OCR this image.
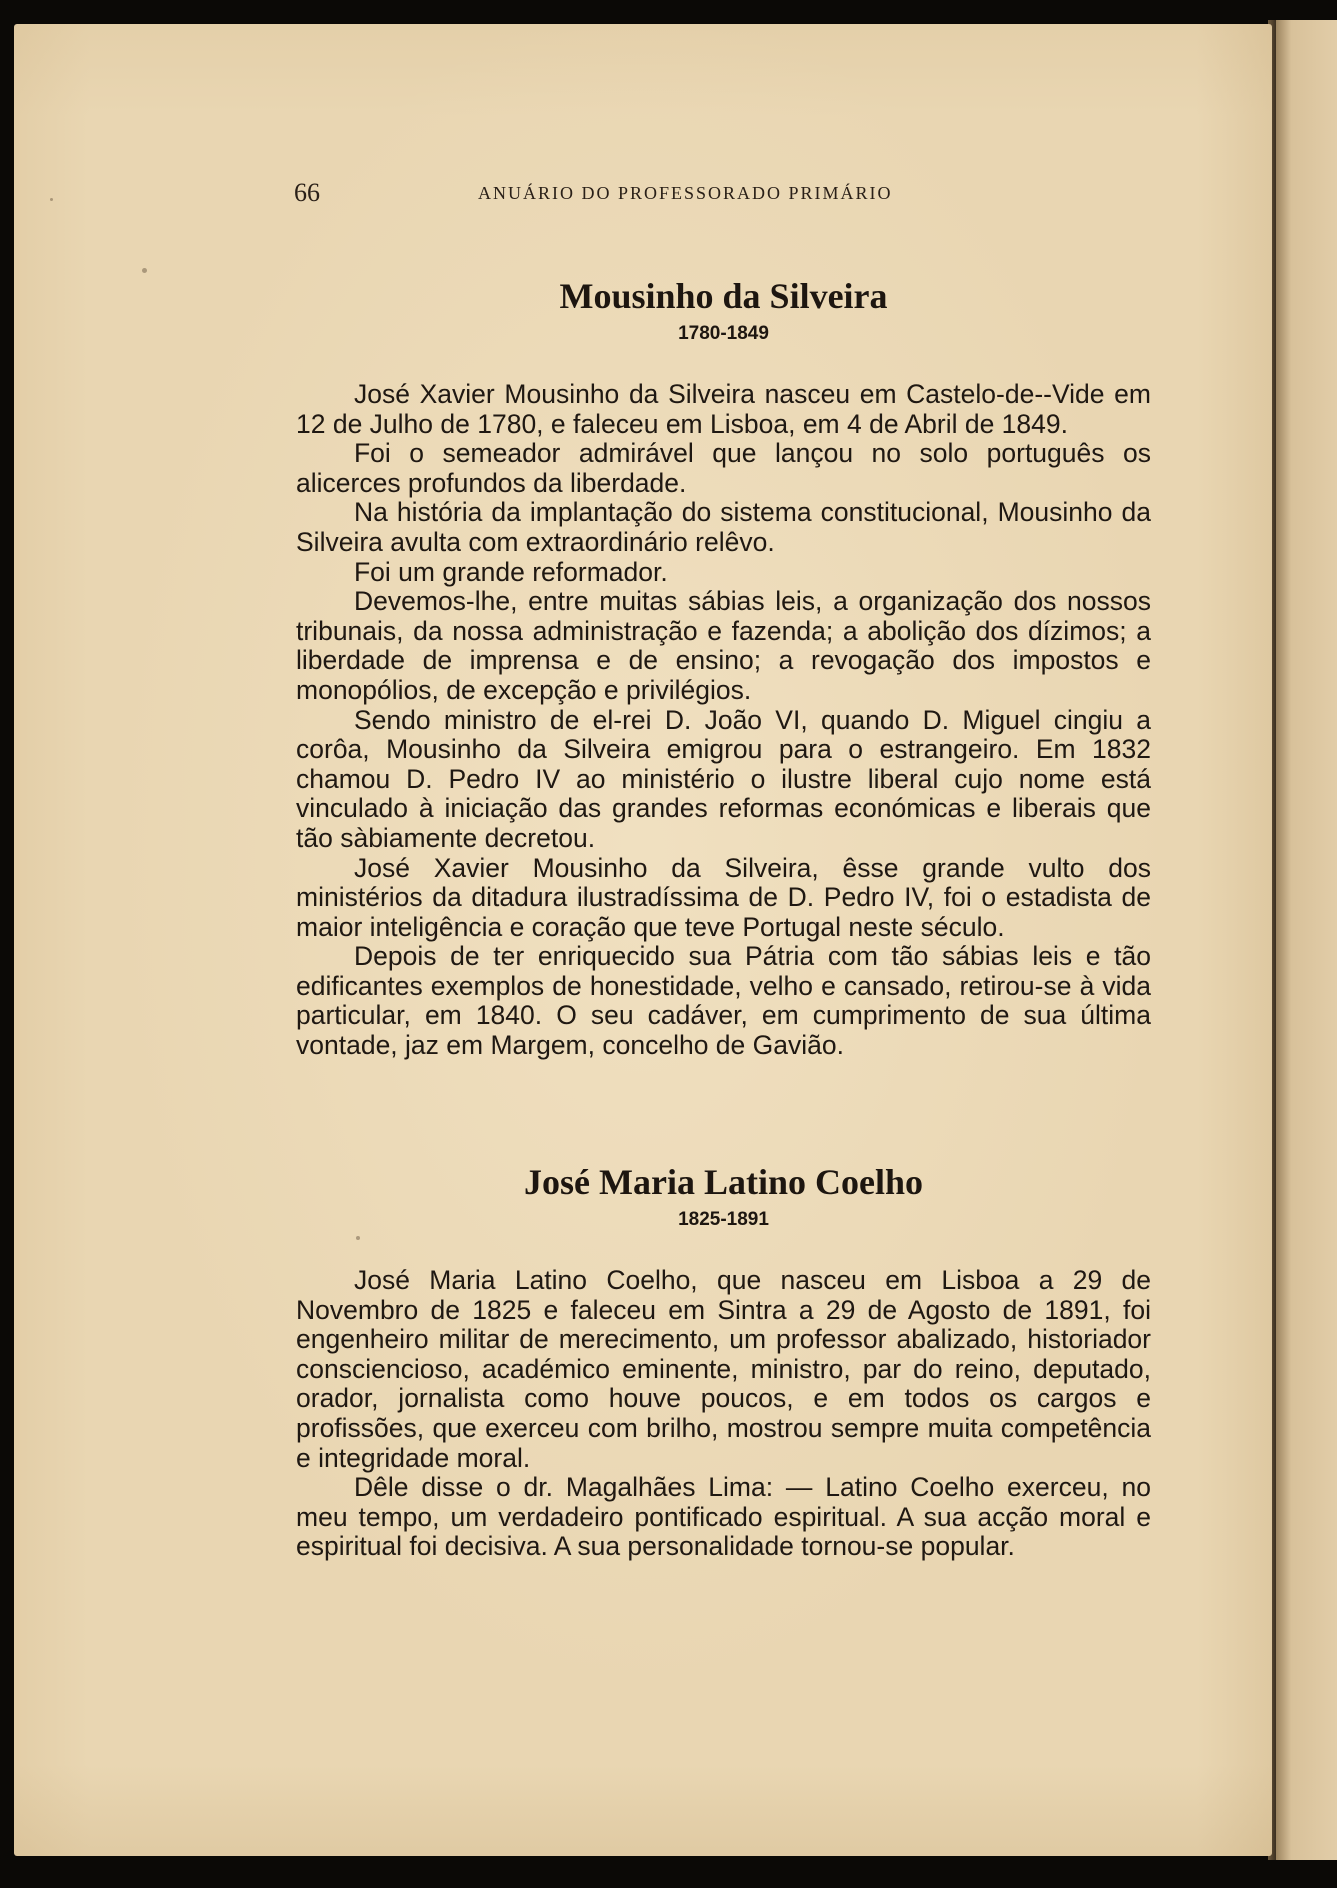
66	ANUÁRIO DO PROFESSORADO PRIMÁRIO
Mousinho da Silveira

1780-1849

José Xavier Mousinho da Silveira nasceu em Castelo-de--Vide em 12 de Julho de 1780, e faleceu em Lisboa, em 4 de Abril de 1849.

Foi o semeador admirável que lançou no solo português os alicerces profundos da liberdade.

Na história da implantação do sistema constitucional, Mousinho da Silveira avulta com extraordinário relêvo.

Foi um grande reformador.

Devemos-lhe, entre muitas sábias leis, a organização dos nossos tribunais, da nossa administração e fazenda; a abolição dos dízimos; a liberdade de imprensa e de ensino; a revogação dos impostos e monopólios, de excepção e privilégios.

Sendo ministro de el-rei D. João VI, quando D. Miguel cingiu a corôa, Mousinho da Silveira emigrou para o estrangeiro. Em 1832 chamou D. Pedro IV ao ministério o ilustre liberal cujo nome está vinculado à iniciação das grandes reformas económicas e liberais que tão sàbiamente decretou.

José Xavier Mousinho da Silveira, êsse grande vulto dos ministérios da ditadura ilustradíssima de D. Pedro IV, foi o estadista de maior inteligência e coração que teve Portugal neste século.

Depois de ter enriquecido sua Pátria com tão sábias leis e tão edificantes exemplos de honestidade, velho e cansado, retirou-se à vida particular, em 1840. O seu cadáver, em cumprimento de sua última vontade, jaz em Margem, concelho de Gavião.

José Maria Latino Coelho

1825-1891

José Maria Latino Coelho, que nasceu em Lisboa a 29 de Novembro de 1825 e faleceu em Sintra a 29 de Agosto de 1891, foi engenheiro militar de merecimento, um professor abalizado, historiador consciencioso, académico eminente, ministro, par do reino, deputado, orador, jornalista como houve poucos, e em todos os cargos e profissões, que exerceu com brilho, mostrou sempre muita competência e integridade moral.

Dêle disse o dr. Magalhães Lima: — Latino Coelho exerceu, no meu tempo, um verdadeiro pontificado espiritual. A sua acção moral e espiritual foi decisiva. A sua personalidade tornou-se popular.
